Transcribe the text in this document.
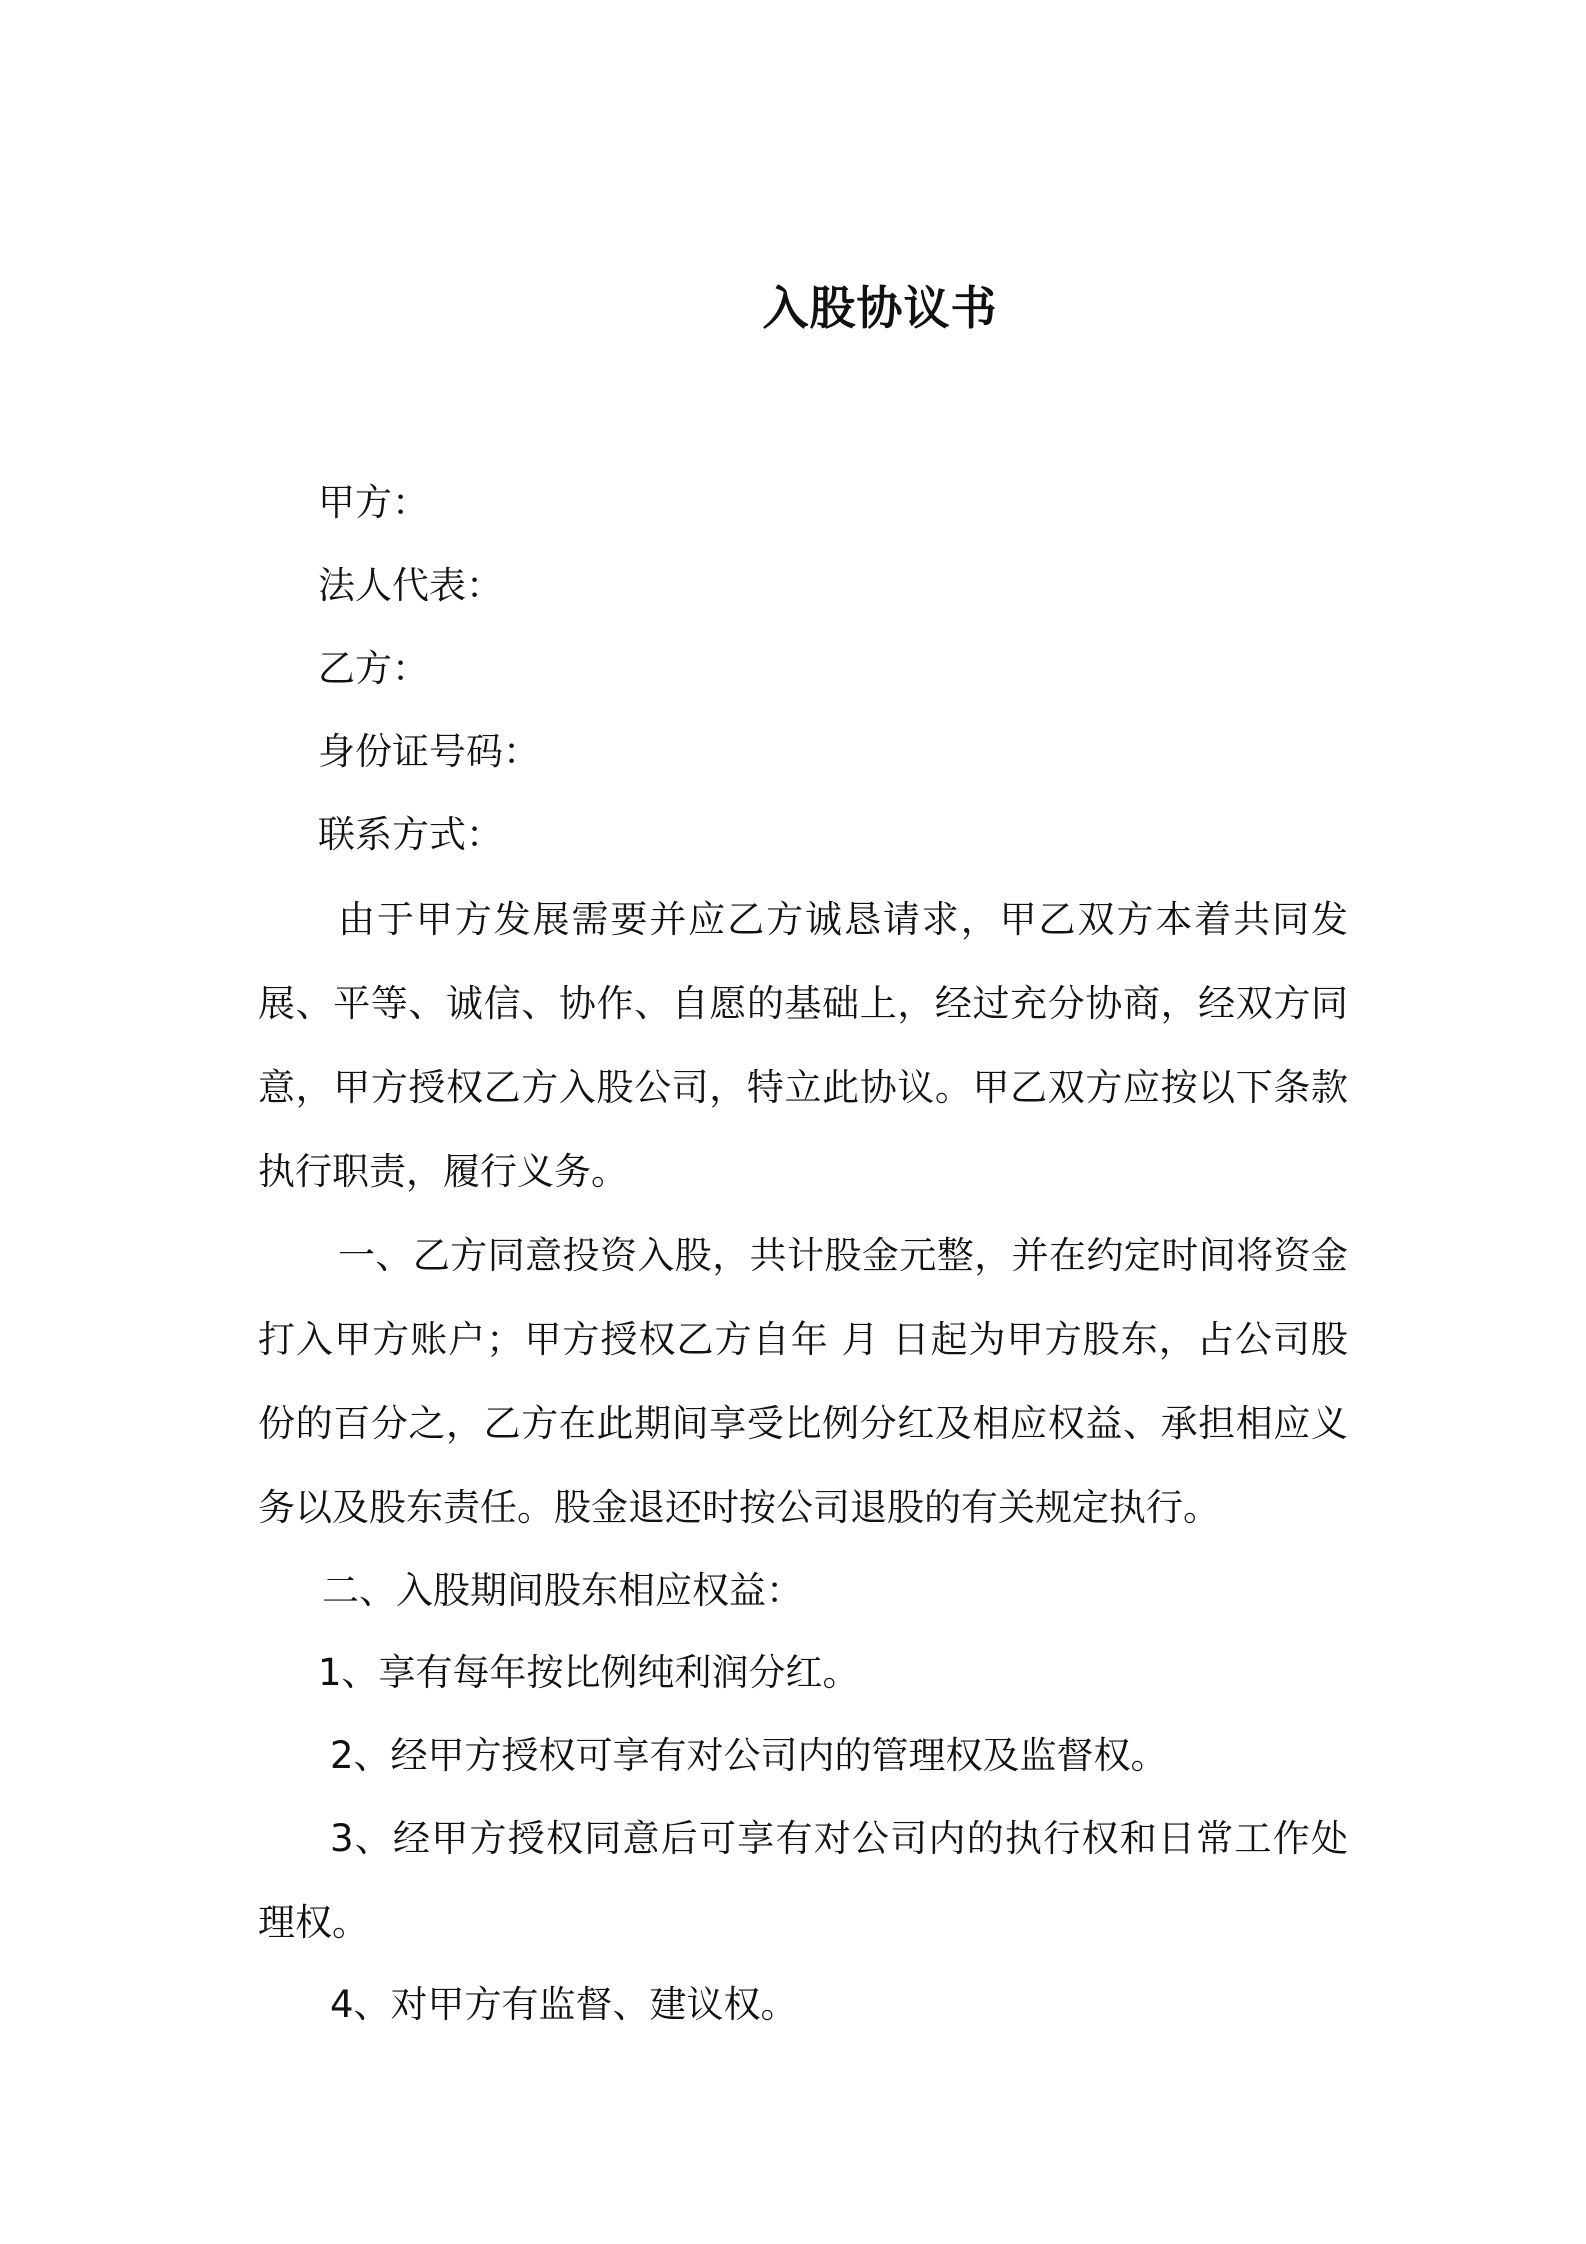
入股协议书
甲方：
法人代表：
乙方：
身份证号码：
联系方式：

由于甲方发展需要并应乙方诚恳请求，甲乙双方本着共同发展、平等、诚信、协作、自愿的基础上，经过充分协商，经双方同意，甲方授权乙方入股公司，特立此协议。甲乙双方应按以下条款执行职责，履行义务。

一、乙方同意投资入股，共计股金元整，并在约定时间将资金打入甲方账户；甲方授权乙方自年 月 日起为甲方股东，占公司股份的百分之，乙方在此期间享受比例分红及相应权益、承担相应义务以及股东责任。股金退还时按公司退股的有关规定执行。

二、入股期间股东相应权益：
1、享有每年按比例纯利润分红。
2、经甲方授权可享有对公司内的管理权及监督权。

3、经甲方授权同意后可享有对公司内的执行权和日常工作处理权。

4、对甲方有监督、建议权。
